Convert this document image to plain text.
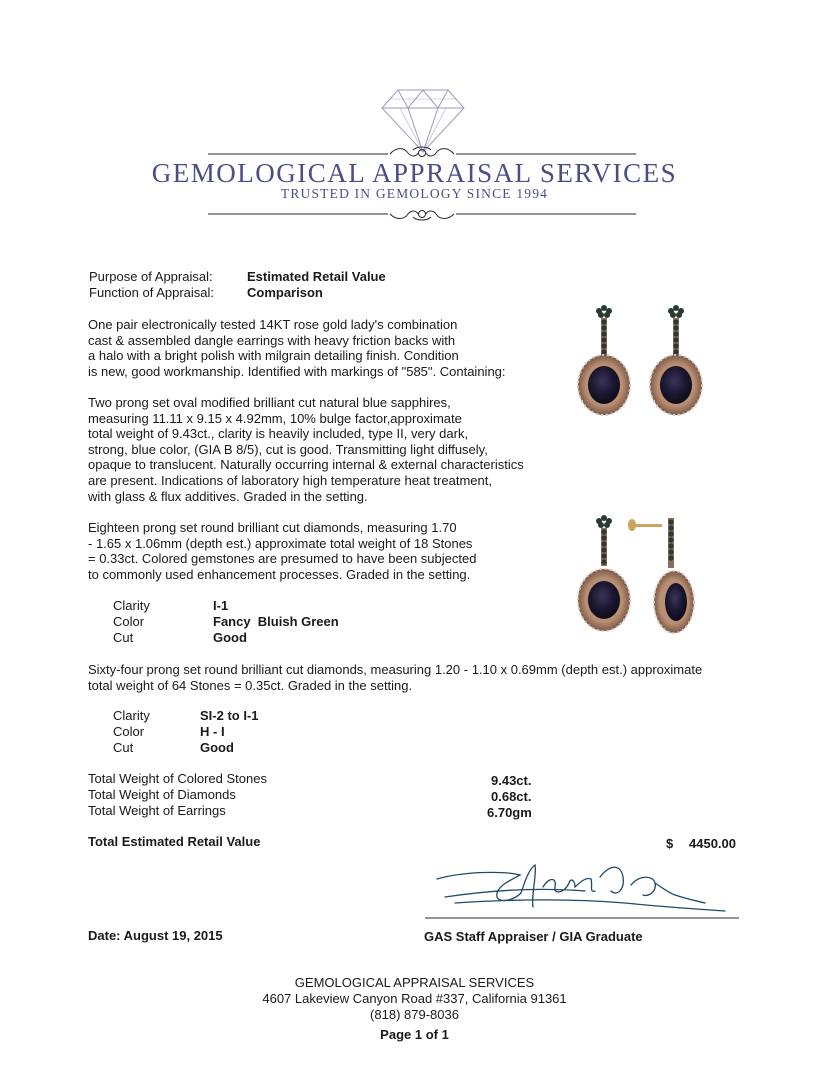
GEMOLOGICAL APPRAISAL SERVICES
TRUSTED IN GEMOLOGY SINCE 1994
Purpose of Appraisal:	Estimated Retail Value
Function of Appraisal:	Comparison
One pair electronically tested 14KT rose gold lady's combination
cast & assembled dangle earrings with heavy friction backs with
a halo with a bright polish with milgrain detailing finish. Condition
is new, good workmanship. Identified with markings of "585". Containing:
Two prong set oval modified brilliant cut natural blue sapphires,
measuring 11.11 x 9.15 x 4.92mm, 10% bulge factor,approximate
total weight of 9.43ct., clarity is heavily included, type II, very dark,
strong, blue color, (GIA B 8/5), cut is good. Transmitting light diffusely,
opaque to translucent. Naturally occurring internal & external characteristics
are present. Indications of laboratory high temperature heat treatment,
with glass & flux additives. Graded in the setting.
Eighteen prong set round brilliant cut diamonds, measuring 1.70
- 1.65 x 1.06mm (depth est.) approximate total weight of 18 Stones
= 0.33ct. Colored gemstones are presumed to have been subjected
to commonly used enhancement processes. Graded in the setting.
Clarity	I-1
Color	Fancy  Bluish Green
Cut	Good
Sixty-four prong set round brilliant cut diamonds, measuring 1.20 - 1.10 x 0.69mm (depth est.) approximate
total weight of 64 Stones = 0.35ct. Graded in the setting.
Clarity	SI-2 to I-1
Color	H - I
Cut	Good
Total Weight of Colored Stones	9.43ct.
Total Weight of Diamonds	0.68ct.
Total Weight of Earrings	6.70gm
Total Estimated Retail Value	$ 4450.00
Date: August 19, 2015	GAS Staff Appraiser / GIA Graduate
GEMOLOGICAL APPRAISAL SERVICES
4607 Lakeview Canyon Road #337, California 91361
(818) 879-8036
Page 1 of 1
